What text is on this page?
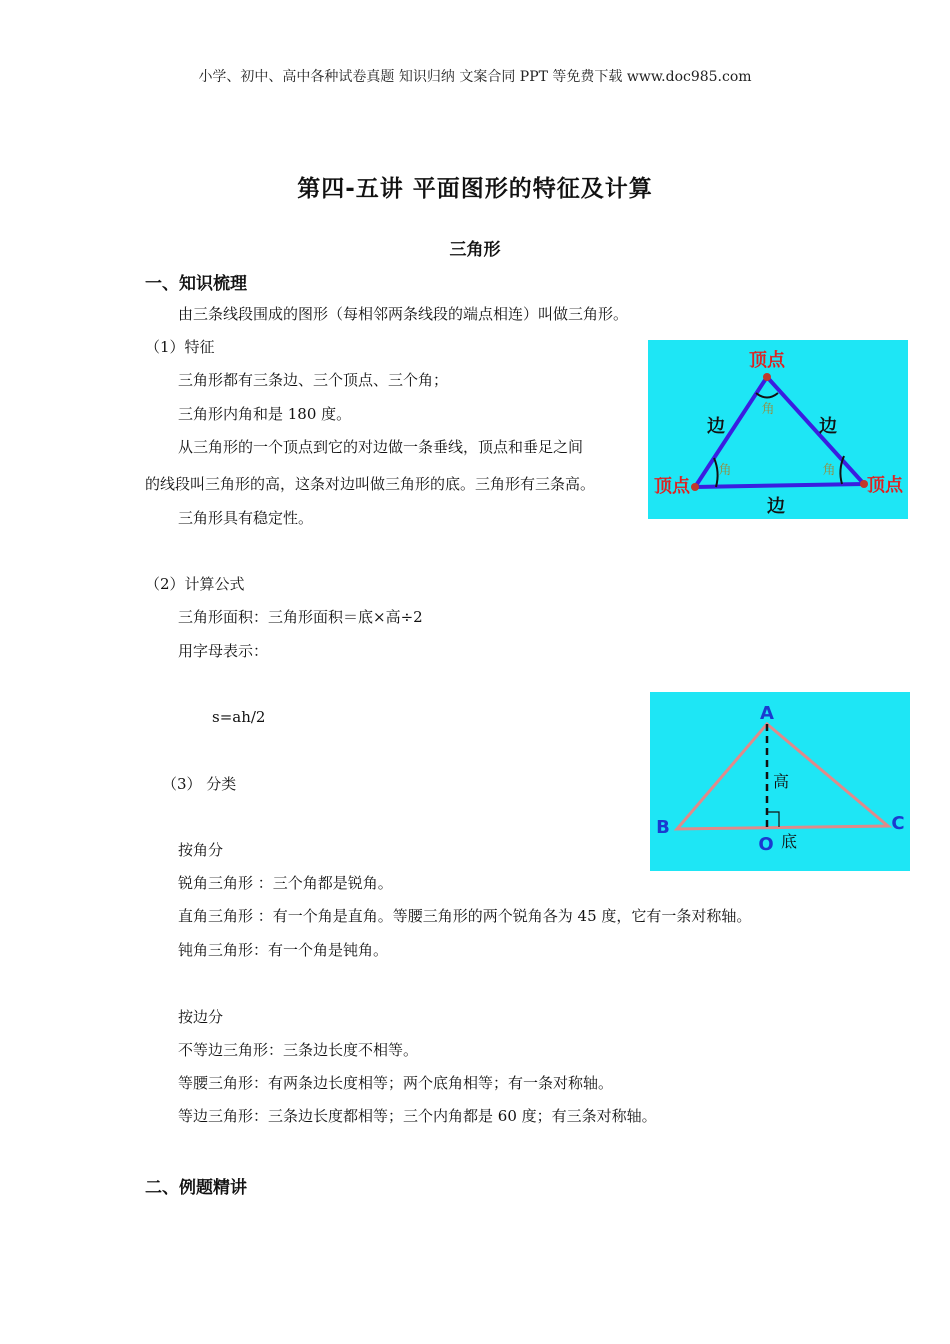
小学、初中、高中各种试卷真题 知识归纳 文案合同 PPT 等免费下载 www.doc985.com
第四-五讲 平面图形的特征及计算
三角形
一、知识梳理
由三条线段围成的图形（每相邻两条线段的端点相连）叫做三角形。
（1）特征
三角形都有三条边、三个顶点、三个角；
三角形内角和是 180 度。
从三角形的一个顶点到它的对边做一条垂线，顶点和垂足之间
的线段叫三角形的高，这条对边叫做三角形的底。三角形有三条高。
三角形具有稳定性。
（2）计算公式
三角形面积：三角形面积＝底×高÷2
用字母表示：
s=ah/2
（3） 分类
按角分
锐角三角形 ：三个角都是锐角。
直角三角形 ：有一个角是直角。等腰三角形的两个锐角各为 45 度，它有一条对称轴。
钝角三角形：有一个角是钝角。
按边分
不等边三角形：三条边长度不相等。
等腰三角形：有两条边长度相等；两个底角相等；有一条对称轴。
等边三角形：三条边长度都相等；三个内角都是 60 度；有三条对称轴。
二、例题精讲
顶点
顶点	顶点
边	边
边
角
角	角
A
B	C
O
高
底
